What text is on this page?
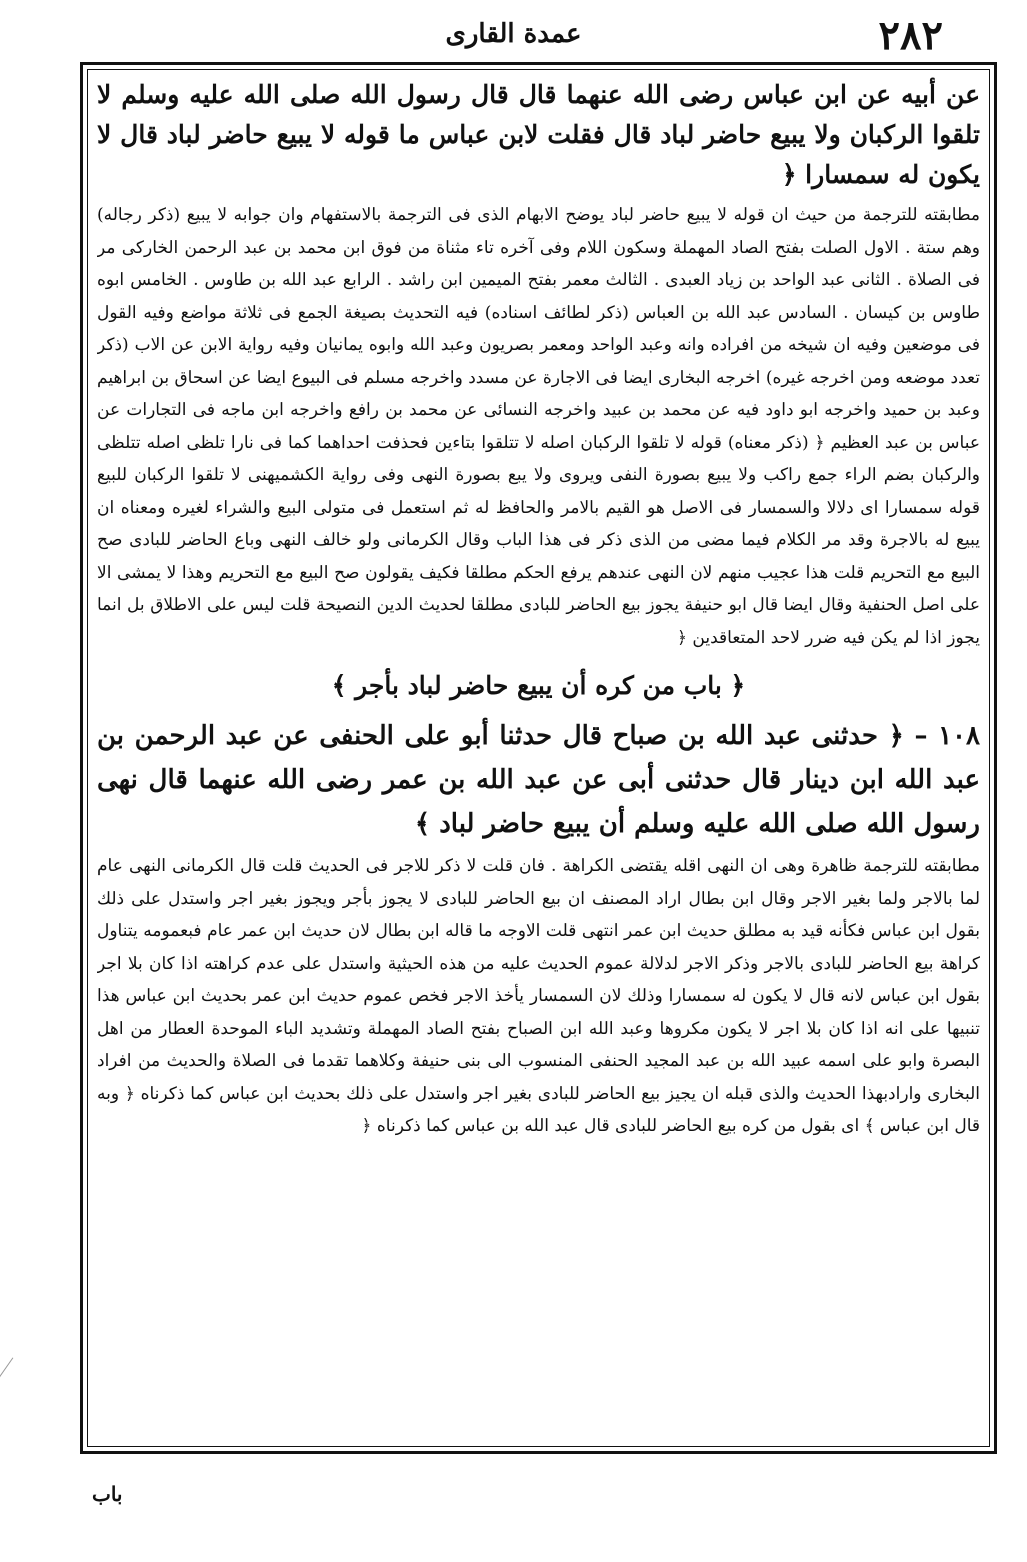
٢٨٢
عمدة القارى

عن أبيه عن ابن عباس رضى الله عنهما قال قال رسول الله صلى الله عليه وسلم لا تلقوا الركبان ولا يبيع حاضر لباد قال فقلت لابن عباس ما قوله لا يبيع حاضر لباد قال لا يكون له سمسارا ﴿

مطابقته للترجمة من حيث ان قوله لا يبيع حاضر لباد يوضح الابهام الذى فى الترجمة بالاستفهام وان جوابه لا يبيع (ذكر رجاله) وهم ستة . الاول الصلت بفتح الصاد المهملة وسكون اللام وفى آخره تاء مثناة من فوق ابن محمد بن عبد الرحمن الخاركى مر فى الصلاة . الثانى عبد الواحد بن زياد العبدى . الثالث معمر بفتح الميمين ابن راشد . الرابع عبد الله بن طاوس . الخامس ابوه طاوس بن كيسان . السادس عبد الله بن العباس (ذكر لطائف اسناده) فيه التحديث بصيغة الجمع فى ثلاثة مواضع وفيه القول فى موضعين وفيه ان شيخه من افراده وانه وعبد الواحد ومعمر بصريون وعبد الله وابوه يمانيان وفيه رواية الابن عن الاب (ذكر تعدد موضعه ومن اخرجه غيره) اخرجه البخارى ايضا فى الاجارة عن مسدد واخرجه مسلم فى البيوع ايضا عن اسحاق بن ابراهيم وعبد بن حميد واخرجه ابو داود فيه عن محمد بن عبيد واخرجه النسائى عن محمد بن رافع واخرجه ابن ماجه فى التجارات عن عباس بن عبد العظيم ﴿ (ذكر معناه) قوله لا تلقوا الركبان اصله لا تتلقوا بتاءين فحذفت احداهما كما فى نارا تلظى اصله تتلظى والركبان بضم الراء جمع راكب ولا يبيع بصورة النفى ويروى ولا يبع بصورة النهى وفى رواية الكشميهنى لا تلقوا الركبان للبيع قوله سمسارا اى دلالا والسمسار فى الاصل هو القيم بالامر والحافظ له ثم استعمل فى متولى البيع والشراء لغيره ومعناه ان يبيع له بالاجرة وقد مر الكلام فيما مضى من الذى ذكر فى هذا الباب وقال الكرمانى ولو خالف النهى وباع الحاضر للبادى صح البيع مع التحريم قلت هذا عجيب منهم لان النهى عندهم يرفع الحكم مطلقا فكيف يقولون صح البيع مع التحريم وهذا لا يمشى الا على اصل الحنفية وقال ايضا قال ابو حنيفة يجوز بيع الحاضر للبادى مطلقا لحديث الدين النصيحة قلت ليس على الاطلاق بل انما يجوز اذا لم يكن فيه ضرر لاحد المتعاقدين ﴿

﴿ باب من كره أن يبيع حاضر لباد بأجر ﴾

١٠٨ – ﴿ حدثنى عبد الله بن صباح قال حدثنا أبو على الحنفى عن عبد الرحمن بن عبد الله ابن دينار قال حدثنى أبى عن عبد الله بن عمر رضى الله عنهما قال نهى رسول الله صلى الله عليه وسلم أن يبيع حاضر لباد ﴾

مطابقته للترجمة ظاهرة وهى ان النهى اقله يقتضى الكراهة . فان قلت لا ذكر للاجر فى الحديث قلت قال الكرمانى النهى عام لما بالاجر ولما بغير الاجر وقال ابن بطال اراد المصنف ان بيع الحاضر للبادى لا يجوز بأجر ويجوز بغير اجر واستدل على ذلك بقول ابن عباس فكأنه قيد به مطلق حديث ابن عمر انتهى قلت الاوجه ما قاله ابن بطال لان حديث ابن عمر عام فبعمومه يتناول كراهة بيع الحاضر للبادى بالاجر وذكر الاجر لدلالة عموم الحديث عليه من هذه الحيثية واستدل على عدم كراهته اذا كان بلا اجر بقول ابن عباس لانه قال لا يكون له سمسارا وذلك لان السمسار يأخذ الاجر فخص عموم حديث ابن عمر بحديث ابن عباس هذا تنبيها على انه اذا كان بلا اجر لا يكون مكروها وعبد الله ابن الصباح بفتح الصاد المهملة وتشديد الباء الموحدة العطار من اهل البصرة وابو على اسمه عبيد الله بن عبد المجيد الحنفى المنسوب الى بنى حنيفة وكلاهما تقدما فى الصلاة والحديث من افراد البخارى وارادبهذا الحديث والذى قبله ان يجيز بيع الحاضر للبادى بغير اجر واستدل على ذلك بحديث ابن عباس كما ذكرناه ﴿ وبه قال ابن عباس ﴾ اى بقول من كره بيع الحاضر للبادى قال عبد الله بن عباس كما ذكرناه ﴿

باب
